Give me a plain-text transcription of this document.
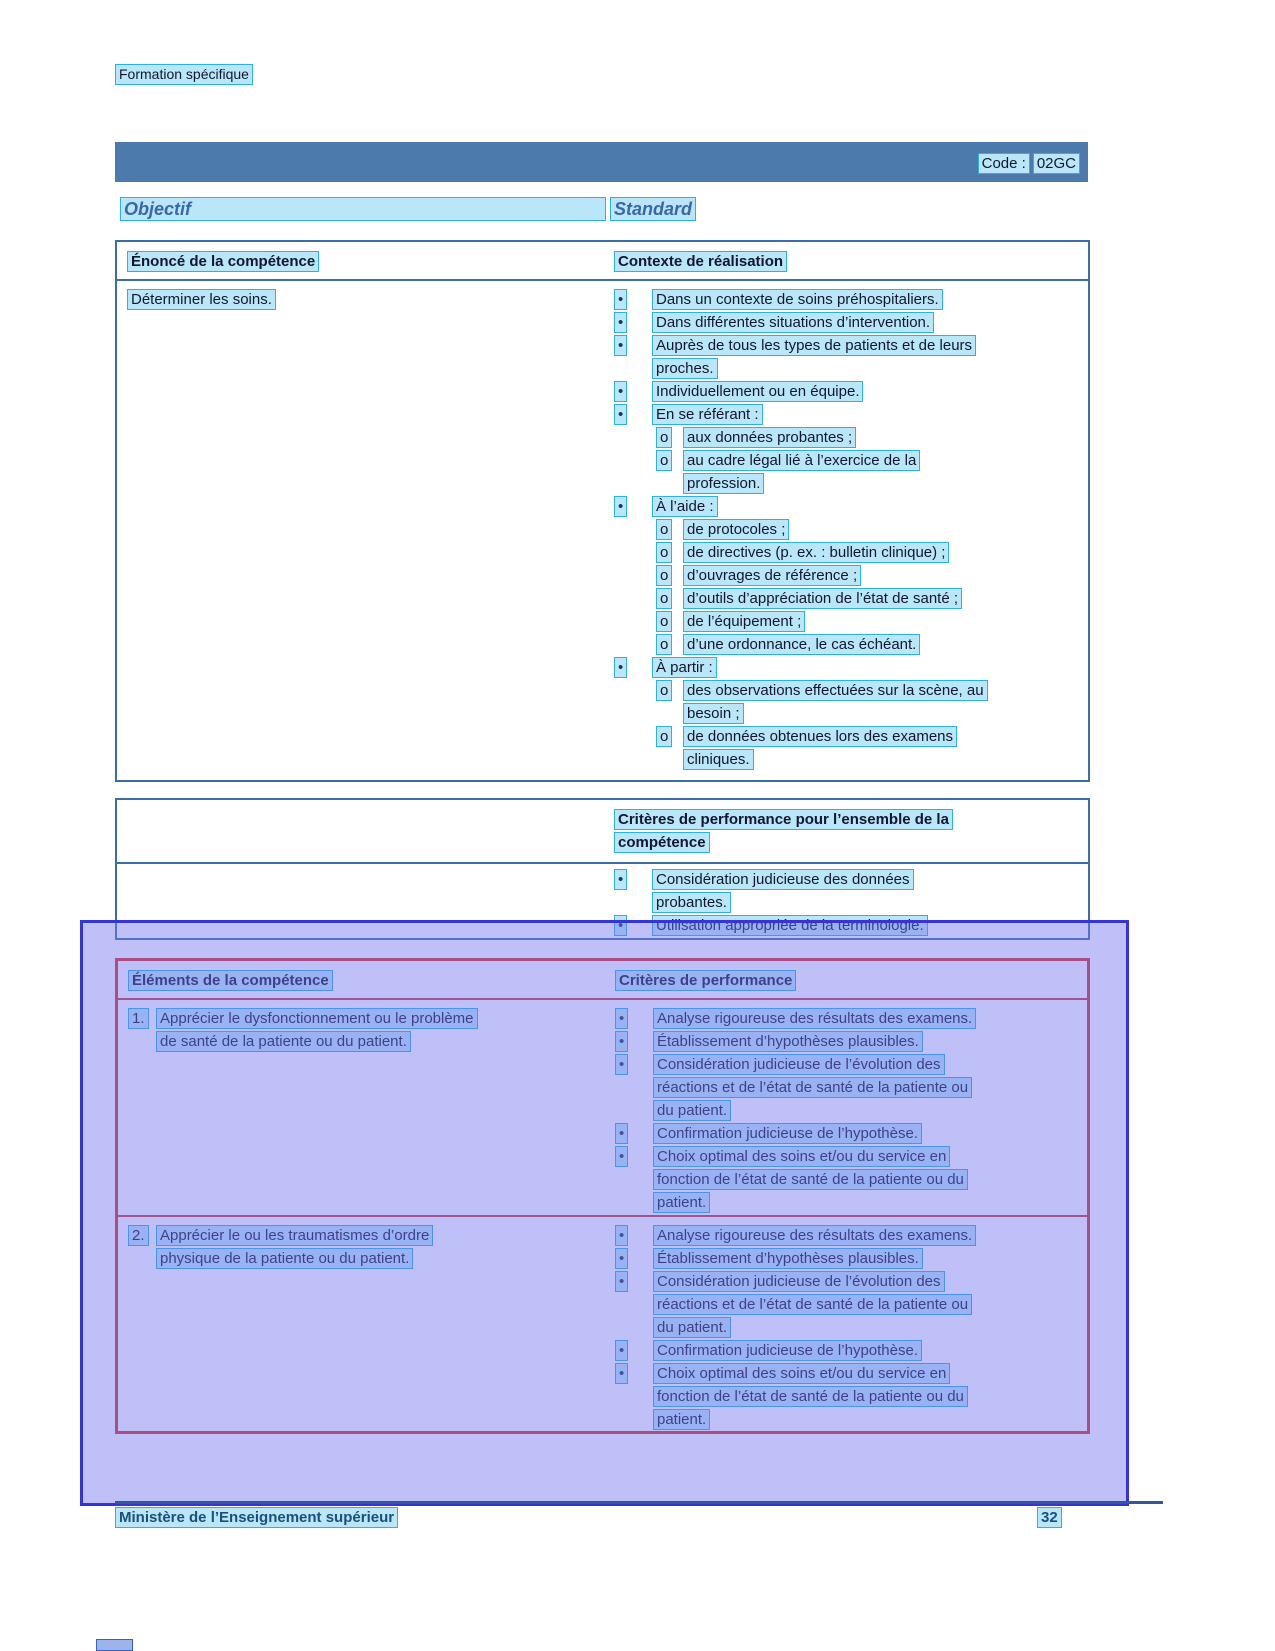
Formation spécifique
Code : 02GC
Objectif	Standard
Énoncé de la compétence	Contexte de réalisation
Déterminer les soins.	•	Dans un contexte de soins préhospitaliers.
•	Dans différentes situations d’intervention.
•	Auprès de tous les types de patients et de leurs
proches.
•	Individuellement ou en équipe.
•	En se référant :
o	aux données probantes ;
o	au cadre légal lié à l’exercice de la
profession.
•	À l’aide :
o	de protocoles ;
o	de directives (p. ex. : bulletin clinique) ;
o	d’ouvrages de référence ;
o	d’outils d’appréciation de l’état de santé ;
o	de l’équipement ;
o	d’une ordonnance, le cas échéant.
•	À partir :
o	des observations effectuées sur la scène, au
besoin ;
o	de données obtenues lors des examens
cliniques.
Critères de performance pour l’ensemble de la
compétence
•	Considération judicieuse des données
probantes.
•	Utilisation appropriée de la terminologie.
Éléments de la compétence	Critères de performance
1.	Apprécier le dysfonctionnement ou le problème
de santé de la patiente ou du patient.
•	Analyse rigoureuse des résultats des examens.
•	Établissement d’hypothèses plausibles.
•	Considération judicieuse de l’évolution des
réactions et de l’état de santé de la patiente ou
du patient.
•	Confirmation judicieuse de l’hypothèse.
•	Choix optimal des soins et/ou du service en
fonction de l’état de santé de la patiente ou du
patient.
2.	Apprécier le ou les traumatismes d’ordre
physique de la patiente ou du patient.
•	Analyse rigoureuse des résultats des examens.
•	Établissement d’hypothèses plausibles.
•	Considération judicieuse de l’évolution des
réactions et de l’état de santé de la patiente ou
du patient.
•	Confirmation judicieuse de l’hypothèse.
•	Choix optimal des soins et/ou du service en
fonction de l’état de santé de la patiente ou du
patient.
Ministère de l’Enseignement supérieur	32
